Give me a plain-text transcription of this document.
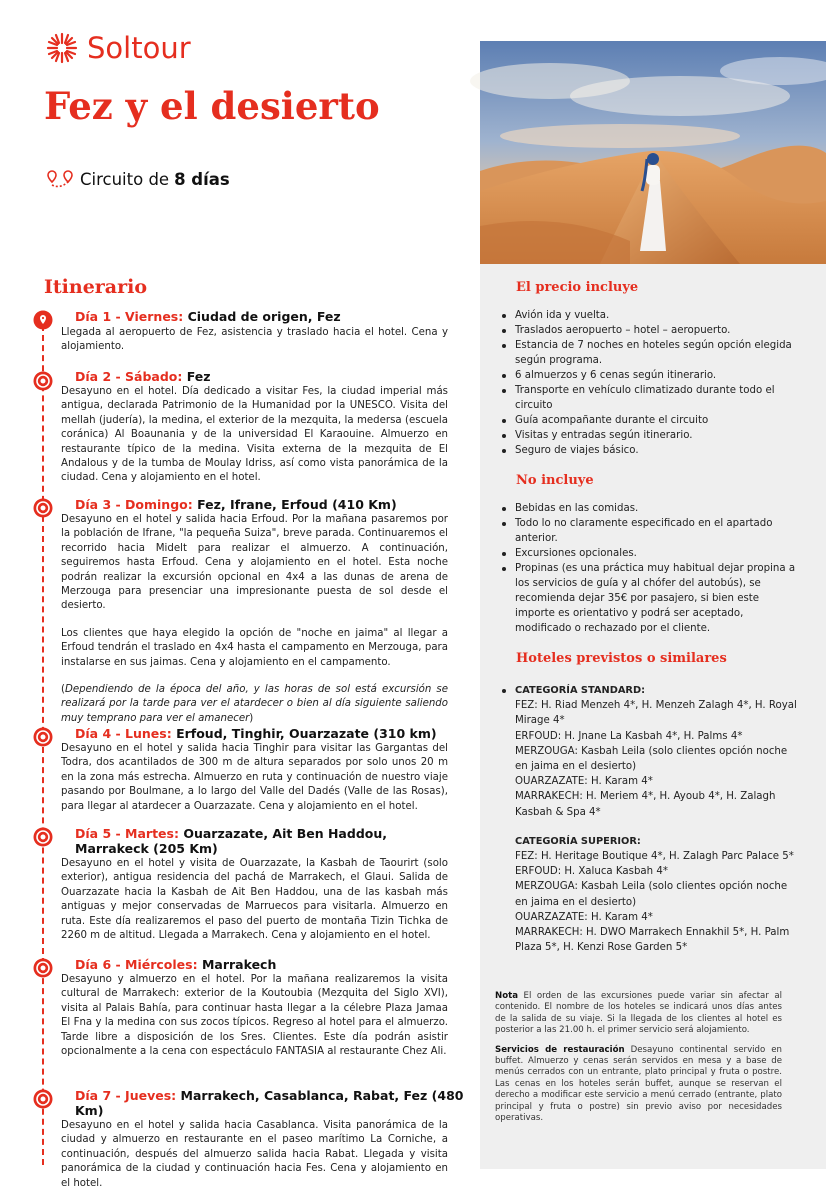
Soltour
Fez y el desierto
Circuito de 8 días
Itinerario
Día 1 - Viernes: Ciudad de origen, Fez

Llegada al aeropuerto de Fez, asistencia y traslado hacia el hotel. Cena y alojamiento.

Día 2 - Sábado: Fez

Desayuno en el hotel. Día dedicado a visitar Fes, la ciudad imperial más antigua, declarada Patrimonio de la Humanidad por la UNESCO. Visita del mellah (judería), la medina, el exterior de la mezquita, la medersa (escuela coránica) Al Boaunania y de la universidad El Karaouine. Almuerzo en restaurante típico de la medina. Visita externa de la mezquita de El Andalous y de la tumba de Moulay Idriss, así como vista panorámica de la ciudad. Cena y alojamiento en el hotel.

Día 3 - Domingo: Fez, Ifrane, Erfoud (410 Km)

Desayuno en el hotel y salida hacia Erfoud. Por la mañana pasaremos por la población de Ifrane, "la pequeña Suiza", breve parada. Continuaremos el recorrido hacia Midelt para realizar el almuerzo. A continuación, seguiremos hasta Erfoud. Cena y alojamiento en el hotel. Esta noche podrán realizar la excursión opcional en 4x4 a las dunas de arena de Merzouga para presenciar una impresionante puesta de sol desde el desierto.

Los clientes que haya elegido la opción de "noche en jaima" al llegar a Erfoud tendrán el traslado en 4x4 hasta el campamento en Merzouga, para instalarse en sus jaimas. Cena y alojamiento en el campamento.

(Dependiendo de la época del año, y las horas de sol está excursión se realizará por la tarde para ver el atardecer o bien al día siguiente saliendo muy temprano para ver el amanecer)

Día 4 - Lunes: Erfoud, Tinghir, Ouarzazate (310 km)

Desayuno en el hotel y salida hacia Tinghir para visitar las Gargantas del Todra, dos acantilados de 300 m de altura separados por solo unos 20 m en la zona más estrecha. Almuerzo en ruta y continuación de nuestro viaje pasando por Boulmane, a lo largo del Valle del Dadés (Valle de las Rosas), para llegar al atardecer a Ouarzazate. Cena y alojamiento en el hotel.

Día 5 - Martes: Ouarzazate, Ait Ben Haddou,
Marrakeck (205 Km)

Desayuno en el hotel y visita de Ouarzazate, la Kasbah de Taourirt (solo exterior), antigua residencia del pachá de Marrakech, el Glaui. Salida de Ouarzazate hacia la Kasbah de Ait Ben Haddou, una de las kasbah más antiguas y mejor conservadas de Marruecos para visitarla. Almuerzo en ruta. Este día realizaremos el paso del puerto de montaña Tizin Tichka de 2260 m de altitud. Llegada a Marrakech. Cena y alojamiento en el hotel.

Día 6 - Miércoles: Marrakech

Desayuno y almuerzo en el hotel. Por la mañana realizaremos la visita cultural de Marrakech: exterior de la Koutoubia (Mezquita del Siglo XVI), visita al Palais Bahía, para continuar hasta llegar a la célebre Plaza Jamaa El Fna y la medina con sus zocos típicos. Regreso al hotel para el almuerzo. Tarde libre a disposición de los Sres. Clientes. Este día podrán asistir opcionalmente a la cena con espectáculo FANTASIA al restaurante Chez Ali.

Día 7 - Jueves: Marrakech, Casablanca, Rabat, Fez (480
Km)

Desayuno en el hotel y salida hacia Casablanca. Visita panorámica de la ciudad y almuerzo en restaurante en el paseo marítimo La Corniche, a continuación, después del almuerzo salida hacia Rabat. Llegada y visita panorámica de la ciudad y continuación hacia Fes. Cena y alojamiento en el hotel.

El precio incluye
Avión ida y vuelta.
Traslados aeropuerto – hotel – aeropuerto.
Estancia de 7 noches en hoteles según opción elegida según programa.
6 almuerzos y 6 cenas según itinerario.
Transporte en vehículo climatizado durante todo el circuito
Guía acompañante durante el circuito
Visitas y entradas según itinerario.
Seguro de viajes básico.
No incluye
Bebidas en las comidas.
Todo lo no claramente especificado en el apartado anterior.
Excursiones opcionales.
Propinas (es una práctica muy habitual dejar propina a los servicios de guía y al chófer del autobús), se recomienda dejar 35€ por pasajero, si bien este importe es orientativo y podrá ser aceptado, modificado o rechazado por el cliente.
Hoteles previstos o similares
CATEGORÍA STANDARD:
FEZ: H. Riad Menzeh 4*, H. Menzeh Zalagh 4*, H. Royal Mirage 4*
ERFOUD: H. Jnane La Kasbah 4*, H. Palms 4*
MERZOUGA: Kasbah Leila (solo clientes opción noche en jaima en el desierto)
OUARZAZATE: H. Karam 4*
MARRAKECH: H. Meriem 4*, H. Ayoub 4*, H. Zalagh Kasbah & Spa 4*
CATEGORÍA SUPERIOR:
FEZ: H. Heritage Boutique 4*, H. Zalagh Parc Palace 5*
ERFOUD: H. Xaluca Kasbah 4*
MERZOUGA: Kasbah Leila (solo clientes opción noche en jaima en el desierto)
OUARZAZATE: H. Karam 4*
MARRAKECH: H. DWO Marrakech Ennakhil 5*, H. Palm Plaza 5*, H. Kenzi Rose Garden 5*

Nota El orden de las excursiones puede variar sin afectar al contenido. El nombre de los hoteles se indicará unos días antes de la salida de su viaje. Si la llegada de los clientes al hotel es posterior a las 21.00 h. el primer servicio será alojamiento.

Servicios de restauración Desayuno continental servido en buffet. Almuerzo y cenas serán servidos en mesa y a base de menús cerrados con un entrante, plato principal y fruta o postre. Las cenas en los hoteles serán buffet, aunque se reservan el derecho a modificar este servicio a menú cerrado (entrante, plato principal y fruta o postre) sin previo aviso por necesidades operativas.
